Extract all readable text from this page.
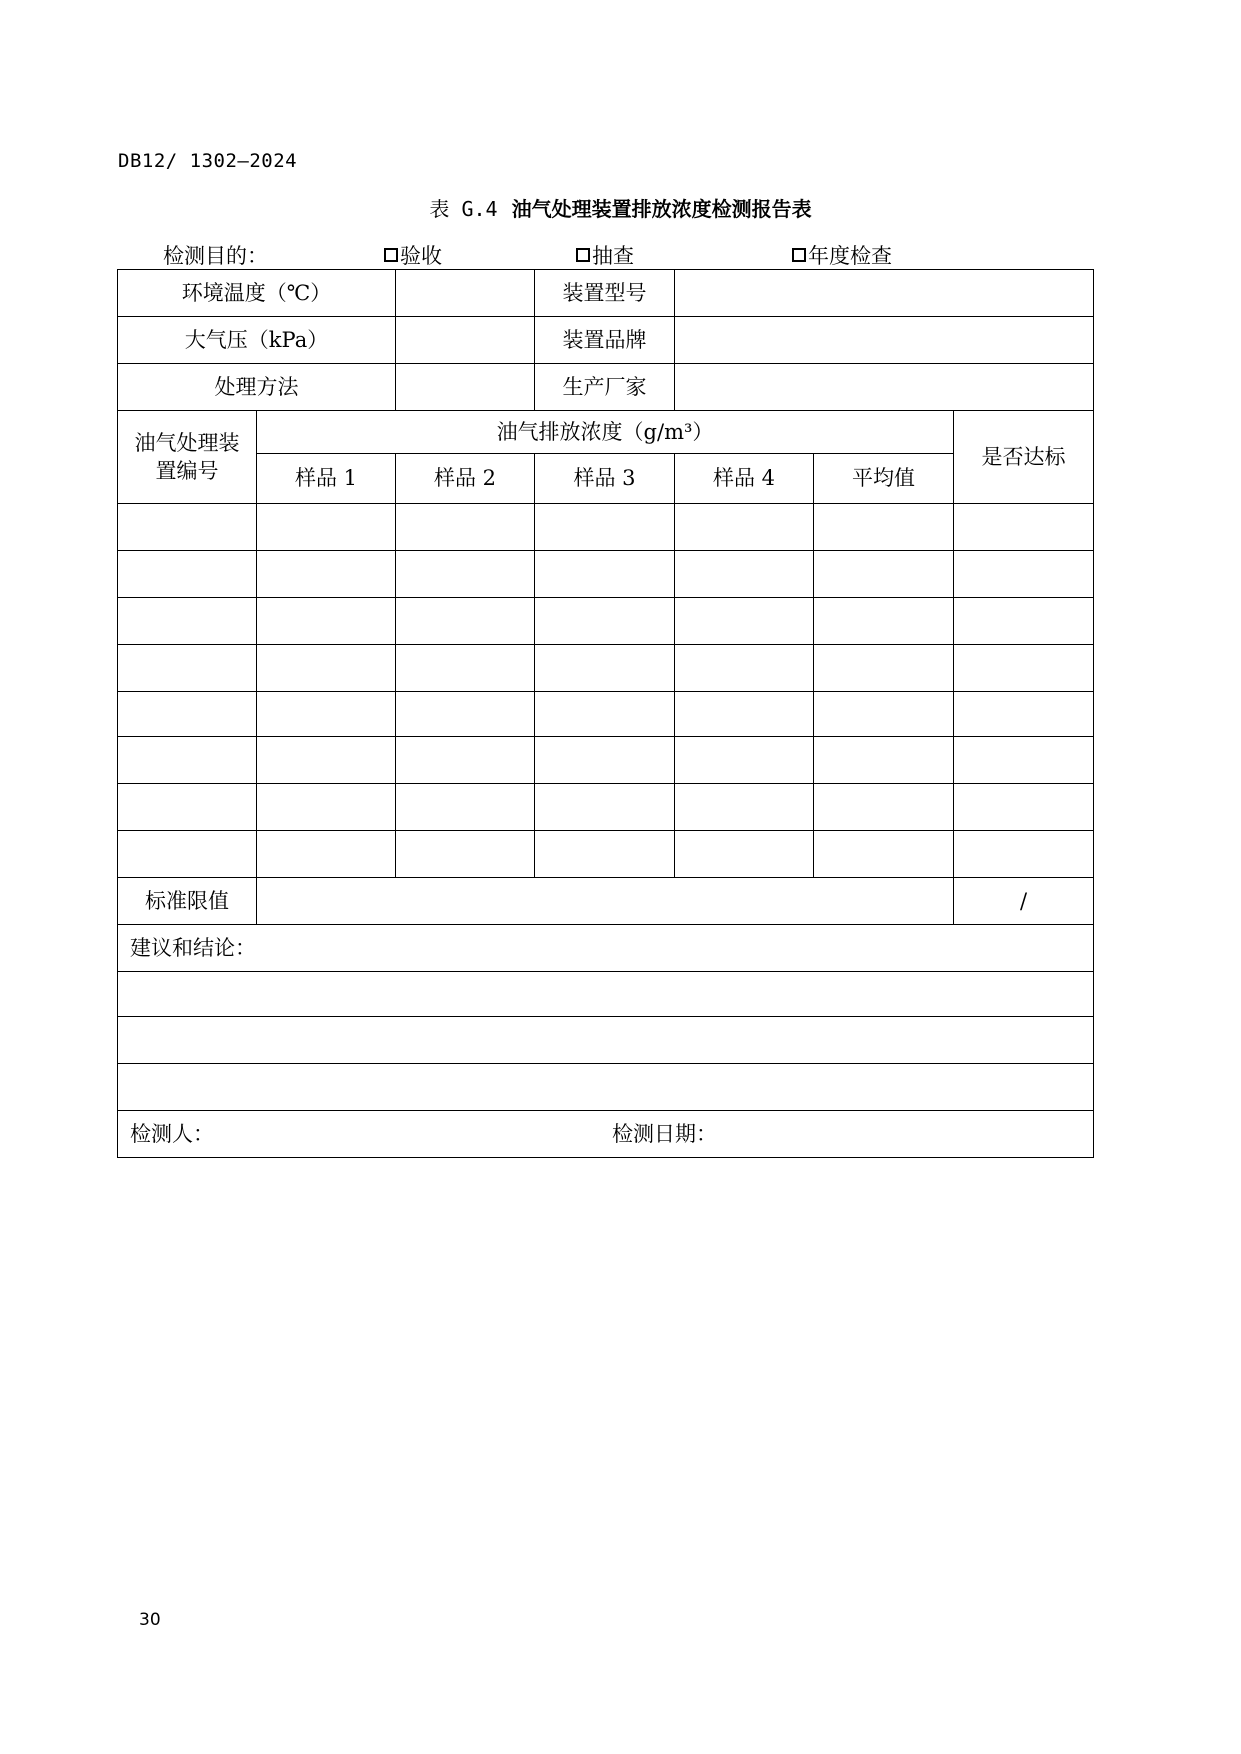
DB12/ 1302—2024
表 G.4 油气处理装置排放浓度检测报告表
检测目的：	验收	抽查	年度检查
环境温度（℃）			装置型号			
大气压（kPa）			装置品牌			
处理方法			生产厂家			
油气处理装置编号	油气排放浓度（g/m³）					是否达标
	样品 1	样品 2	样品 3	样品 4	平均值	

标准限值						/
建议和结论：						

检测人： 检测日期：						
30
